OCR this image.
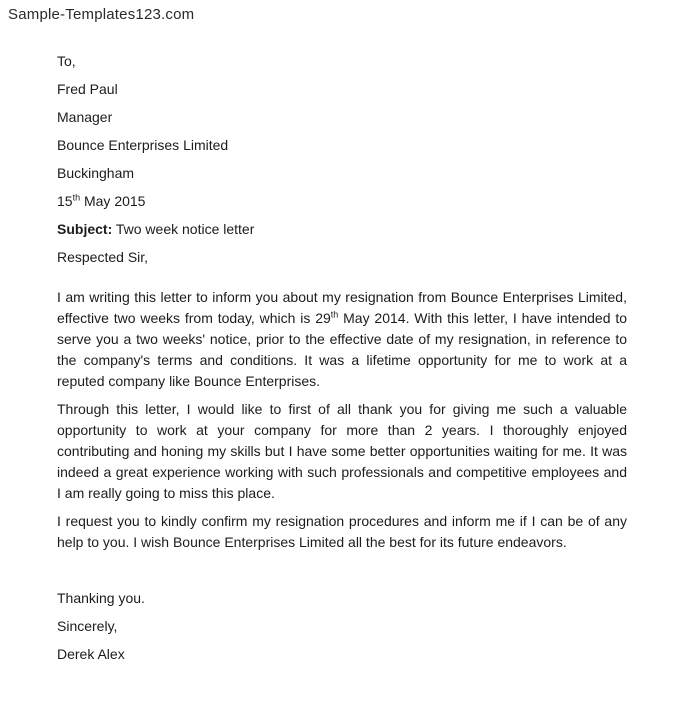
Sample-Templates123.com

To,

Fred Paul

Manager

Bounce Enterprises Limited

Buckingham

15th May 2015

Subject: Two week notice letter

Respected Sir,

I am writing this letter to inform you about my resignation from Bounce Enterprises Limited, effective two weeks from today, which is 29th May 2014. With this letter, I have intended to serve you a two weeks' notice, prior to the effective date of my resignation, in reference to the company's terms and conditions. It was a lifetime opportunity for me to work at a reputed company like Bounce Enterprises.

Through this letter, I would like to first of all thank you for giving me such a valuable opportunity to work at your company for more than 2 years. I thoroughly enjoyed contributing and honing my skills but I have some better opportunities waiting for me. It was indeed a great experience working with such professionals and competitive employees and I am really going to miss this place.

I request you to kindly confirm my resignation procedures and inform me if I can be of any help to you. I wish Bounce Enterprises Limited all the best for its future endeavors.

Thanking you.

Sincerely,

Derek Alex
